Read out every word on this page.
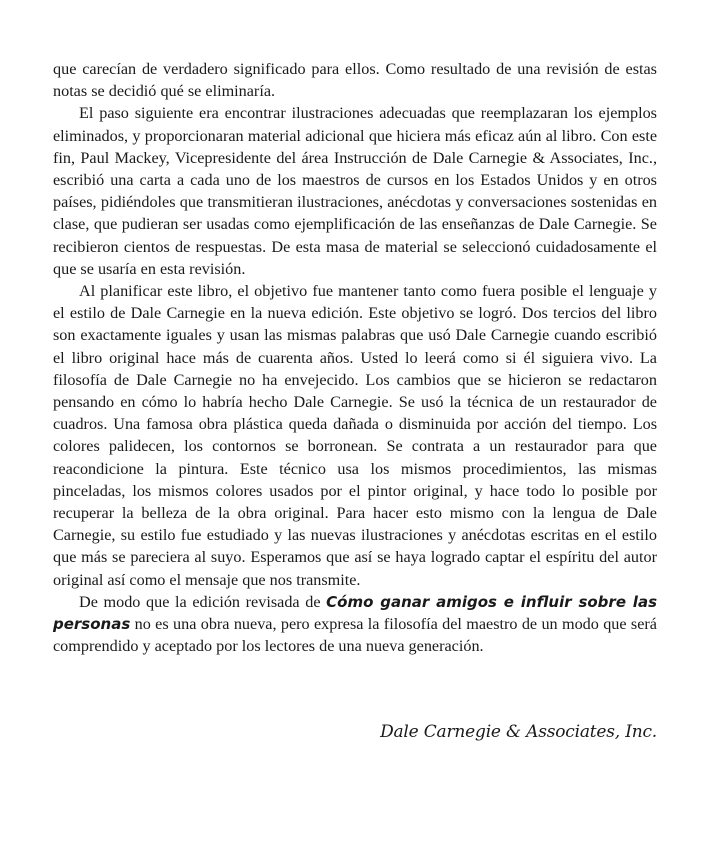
que carecían de verdadero significado para ellos. Como resultado de una revisión de estas notas se decidió qué se eliminaría.

El paso siguiente era encontrar ilustraciones adecuadas que reemplazaran los ejemplos eliminados, y proporcionaran material adicional que hiciera más eficaz aún al libro. Con este fin, Paul Mackey, Vicepresidente del área Instrucción de Dale Carnegie & Associates, Inc., escribió una carta a cada uno de los maestros de cursos en los Estados Unidos y en otros países, pidiéndoles que transmitieran ilustraciones, anécdotas y conversaciones sostenidas en clase, que pudieran ser usadas como ejemplificación de las enseñanzas de Dale Carnegie. Se recibieron cientos de respuestas. De esta masa de material se seleccionó cuidadosamente el que se usaría en esta revisión.

Al planificar este libro, el objetivo fue mantener tanto como fuera posible el lenguaje y el estilo de Dale Carnegie en la nueva edición. Este objetivo se logró. Dos tercios del libro son exactamente iguales y usan las mismas palabras que usó Dale Carnegie cuando escribió el libro original hace más de cuarenta años. Usted lo leerá como si él siguiera vivo. La filosofía de Dale Carnegie no ha envejecido. Los cambios que se hicieron se redactaron pensando en cómo lo habría hecho Dale Carnegie. Se usó la técnica de un restaurador de cuadros. Una famosa obra plástica queda dañada o disminuida por acción del tiempo. Los colores palidecen, los contornos se borronean. Se contrata a un restaurador para que reacondicione la pintura. Este técnico usa los mismos procedimientos, las mismas pinceladas, los mismos colores usados por el pintor original, y hace todo lo posible por recuperar la belleza de la obra original. Para hacer esto mismo con la lengua de Dale Carnegie, su estilo fue estudiado y las nuevas ilustraciones y anécdotas escritas en el estilo que más se pareciera al suyo. Esperamos que así se haya logrado captar el espíritu del autor original así como el mensaje que nos transmite.

De modo que la edición revisada de Cómo ganar amigos e influir sobre las personas no es una obra nueva, pero expresa la filosofía del maestro de un modo que será comprendido y aceptado por los lectores de una nueva generación.

Dale Carnegie & Associates, Inc.
